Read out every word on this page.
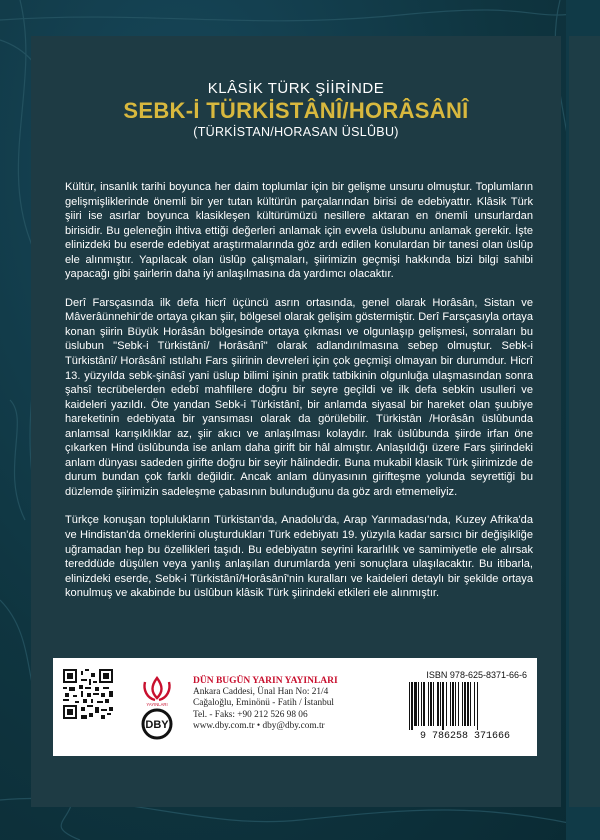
KLÂSİK TÜRK ŞİİRİNDE
SEBK-İ TÜRKİSTÂNÎ/HORÂSÂNÎ
(TÜRKİSTAN/HORASAN ÜSLÛBU)

Kültür, insanlık tarihi boyunca her daim toplumlar için bir gelişme unsuru olmuştur. Toplumların gelişmişliklerinde önemli bir yer tutan kültürün parçalarından birisi de edebiyattır. Klâsik Türk şiiri ise asırlar boyunca klasikleşen kültürümüzü nesillere aktaran en önemli unsurlardan birisidir. Bu geleneğin ihtiva ettiği değerleri anlamak için evvela üslubunu anlamak gerekir. İşte elinizdeki bu eserde edebiyat araştırmalarında göz ardı edilen konulardan bir tanesi olan üslûp ele alınmıştır. Yapılacak olan üslûp çalışmaları, şiirimizin geçmişi hakkında bizi bilgi sahibi yapacağı gibi şairlerin daha iyi anlaşılmasına da yardımcı olacaktır.

Derî Farsçasında ilk defa hicrî üçüncü asrın ortasında, genel olarak Horâsân, Sistan ve Mâverâünnehir'de ortaya çıkan şiir, bölgesel olarak gelişim göstermiştir. Derî Farsçasıyla ortaya konan şiirin Büyük Horâsân bölgesinde ortaya çıkması ve olgunlaşıp gelişmesi, sonraları bu üslubun "Sebk-i Türkistânî/ Horâsânî" olarak adlandırılmasına sebep olmuştur. Sebk-i Türkistânî/ Horâsânî ıstılahı Fars şiirinin devreleri için çok geçmişi olmayan bir durumdur. Hicrî 13. yüzyılda sebk-şinâsî yani üslup bilimi işinin pratik tatbikinin olgunluğa ulaşmasından sonra şahsî tecrübelerden edebî mahfillere doğru bir seyre geçildi ve ilk defa sebkin usulleri ve kaideleri yazıldı. Öte yandan Sebk-i Türkistânî, bir anlamda siyasal bir hareket olan şuubiye hareketinin edebiyata bir yansıması olarak da görülebilir. Türkistân /Horâsân üslûbunda anlamsal karışıklıklar az, şiir akıcı ve anlaşılması kolaydır. Irak üslûbunda şiirde irfan öne çıkarken Hind üslûbunda ise anlam daha girift bir hâl almıştır. Anlaşıldığı üzere Fars şiirindeki anlam dünyası sadeden girifte doğru bir seyir hâlindedir. Buna mukabil klasik Türk şiirimizde de durum bundan çok farklı değildir. Ancak anlam dünyasının girifteşme yolunda seyrettiği bu düzlemde şiirimizin sadeleşme çabasının bulunduğunu da göz ardı etmemeliyiz.

Türkçe konuşan toplulukların Türkistan'da, Anadolu'da, Arap Yarımadası'nda, Kuzey Afrika'da ve Hindistan'da örneklerini oluşturdukları Türk edebiyatı 19. yüzyıla kadar sarsıcı bir değişikliğe uğramadan hep bu özellikleri taşıdı. Bu edebiyatın seyrini kararlılık ve samimiyetle ele alırsak tereddüde düşülen veya yanlış anlaşılan durumlarda yeni sonuçlara ulaşılacaktır. Bu itibarla, elinizdeki eserde, Sebk-i Türkistânî/Horâsânî'nin kuralları ve kaideleri detaylı bir şekilde ortaya konulmuş ve akabinde bu üslûbun klâsik Türk şiirindeki etkileri ele alınmıştır.

YAYINLARI
DBY
DÜN BUGÜN YARIN YAYINLARI
Ankara Caddesi, Ünal Han No: 21/4
Cağaloğlu, Eminönü - Fatih / İstanbul
Tel. - Faks: +90 212 526 98 06
www.dby.com.tr • dby@dby.com.tr
ISBN 978-625-8371-66-6
9 786258 371666
